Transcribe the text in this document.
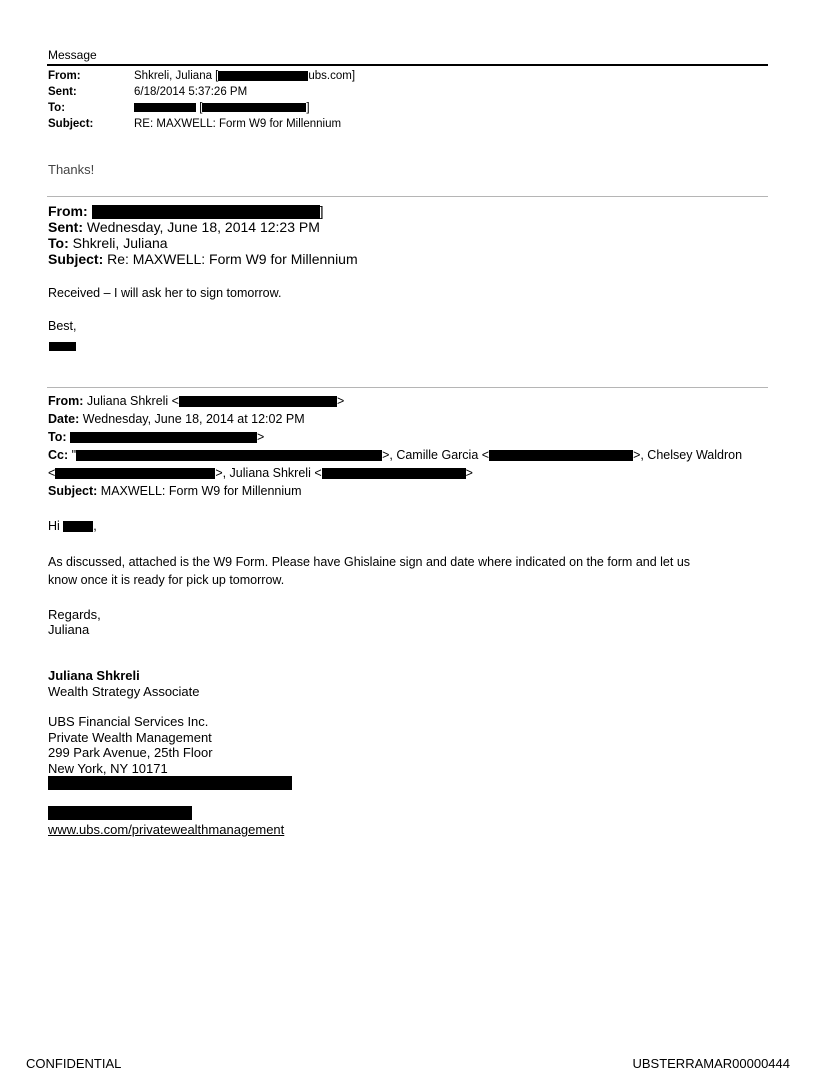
Message
From:	Shkreli, Juliana [	ubs.com]
Sent:	6/18/2014 5:37:26 PM
To:	[	]
Subject:	RE: MAXWELL: Form W9 for Millennium
Thanks!
From:	]
Sent: Wednesday, June 18, 2014 12:23 PM
To: Shkreli, Juliana
Subject: Re: MAXWELL: Form W9 for Millennium
Received – I will ask her to sign tomorrow.
Best,
From: Juliana Shkreli <	>
Date: Wednesday, June 18, 2014 at 12:02 PM
To:	>
Cc: "	>, Camille Garcia <	>, Chelsey Waldron
<	>, Juliana Shkreli <	>
Subject: MAXWELL: Form W9 for Millennium
Hi	,
As discussed, attached is the W9 Form. Please have Ghislaine sign and date where indicated on the form and let us
know once it is ready for pick up tomorrow.
Regards,
Juliana
Juliana Shkreli
Wealth Strategy Associate
UBS Financial Services Inc.
Private Wealth Management
299 Park Avenue, 25th Floor
New York, NY 10171
www.ubs.com/privatewealthmanagement
CONFIDENTIAL	UBSTERRAMAR00000444
